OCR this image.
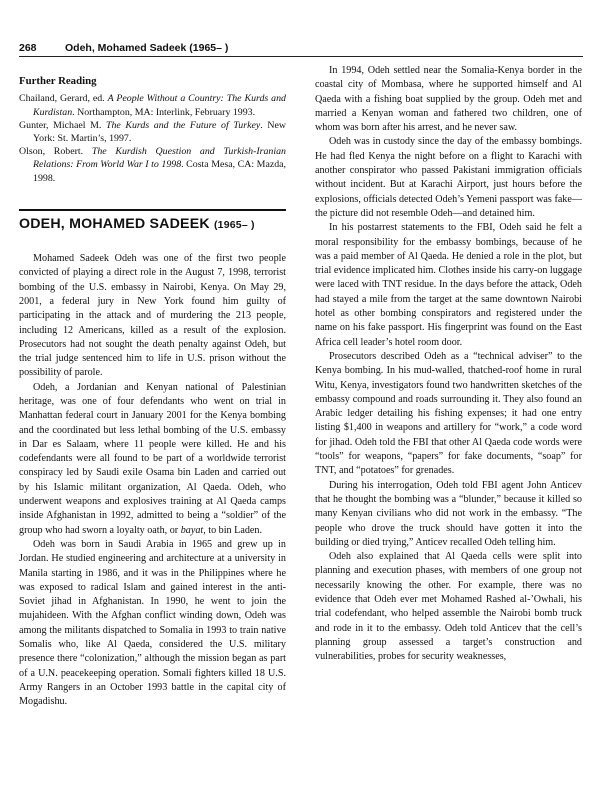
268	Odeh, Mohamed Sadeek (1965– )
Further Reading

Chailand, Gerard, ed. A People Without a Country: The Kurds and Kurdistan. Northampton, MA: Interlink, February 1993.

Gunter, Michael M. The Kurds and the Future of Turkey. New York: St. Martin’s, 1997.

Olson, Robert. The Kurdish Question and Turkish-Iranian Relations: From World War I to 1998. Costa Mesa, CA: Mazda, 1998.

ODEH, MOHAMED SADEEK (1965– )

Mohamed Sadeek Odeh was one of the first two people convicted of playing a direct role in the August 7, 1998, terrorist bombing of the U.S. embassy in Nairobi, Kenya. On May 29, 2001, a federal jury in New York found him guilty of participating in the attack and of murdering the 213 people, including 12 Americans, killed as a result of the explosion. Prosecutors had not sought the death penalty against Odeh, but the trial judge sentenced him to life in U.S. prison without the possibility of parole.

Odeh, a Jordanian and Kenyan national of Palestinian heritage, was one of four defendants who went on trial in Manhattan federal court in January 2001 for the Kenya bombing and the coordinated but less lethal bombing of the U.S. embassy in Dar es Salaam, where 11 people were killed. He and his codefendants were all found to be part of a worldwide terrorist conspiracy led by Saudi exile Osama bin Laden and carried out by his Islamic militant organization, Al Qaeda. Odeh, who underwent weapons and explosives training at Al Qaeda camps inside Afghanistan in 1992, admitted to being a “soldier” of the group who had sworn a loyalty oath, or bayat, to bin Laden.

Odeh was born in Saudi Arabia in 1965 and grew up in Jordan. He studied engineering and architecture at a university in Manila starting in 1986, and it was in the Philippines where he was exposed to radical Islam and gained interest in the anti-Soviet jihad in Afghanistan. In 1990, he went to join the mujahideen. With the Afghan conflict winding down, Odeh was among the militants dispatched to Somalia in 1993 to train native Somalis who, like Al Qaeda, considered the U.S. military presence there “colonization,” although the mission began as part of a U.N. peacekeeping operation. Somali fighters killed 18 U.S. Army Rangers in an October 1993 battle in the capital city of Mogadishu.

In 1994, Odeh settled near the Somalia-Kenya border in the coastal city of Mombasa, where he supported himself and Al Qaeda with a fishing boat supplied by the group. Odeh met and married a Kenyan woman and fathered two children, one of whom was born after his arrest, and he never saw.

Odeh was in custody since the day of the embassy bombings. He had fled Kenya the night before on a flight to Karachi with another conspirator who passed Pakistani immigration officials without incident. But at Karachi Airport, just hours before the explosions, officials detected Odeh’s Yemeni passport was fake—the picture did not resemble Odeh—and detained him.

In his postarrest statements to the FBI, Odeh said he felt a moral responsibility for the embassy bombings, because of he was a paid member of Al Qaeda. He denied a role in the plot, but trial evidence implicated him. Clothes inside his carry-on luggage were laced with TNT residue. In the days before the attack, Odeh had stayed a mile from the target at the same downtown Nairobi hotel as other bombing conspirators and registered under the name on his fake passport. His fingerprint was found on the East Africa cell leader’s hotel room door.

Prosecutors described Odeh as a “technical adviser” to the Kenya bombing. In his mud-walled, thatched-roof home in rural Witu, Kenya, investigators found two handwritten sketches of the embassy compound and roads surrounding it. They also found an Arabic ledger detailing his fishing expenses; it had one entry listing $1,400 in weapons and artillery for “work,” a code word for jihad. Odeh told the FBI that other Al Qaeda code words were “tools” for weapons, “papers” for fake documents, “soap” for TNT, and “potatoes” for grenades.

During his interrogation, Odeh told FBI agent John Anticev that he thought the bombing was a “blunder,” because it killed so many Kenyan civilians who did not work in the embassy. “The people who drove the truck should have gotten it into the building or died trying,” Anticev recalled Odeh telling him.

Odeh also explained that Al Qaeda cells were split into planning and execution phases, with members of one group not necessarily knowing the other. For example, there was no evidence that Odeh ever met Mohamed Rashed al-’Owhali, his trial codefendant, who helped assemble the Nairobi bomb truck and rode in it to the embassy. Odeh told Anticev that the cell’s planning group assessed a target’s construction and vulnerabilities, probes for security weaknesses,
